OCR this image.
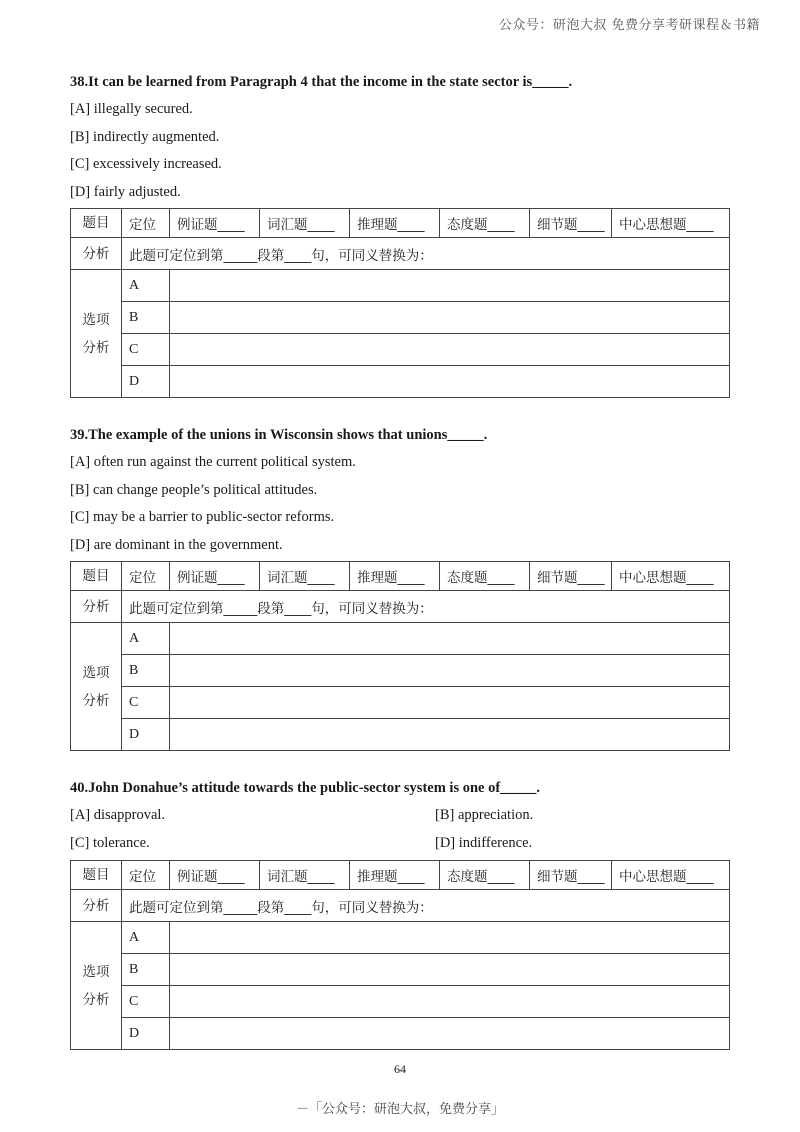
公众号：研泡大叔 免费分享考研课程＆书籍

38.It can be learned from Paragraph 4 that the income in the state sector is_____.

[A] illegally secured.
[B] indirectly augmented.
[C] excessively increased.
[D] fairly adjusted.
题目	定位	例证题____	词汇题____	推理题____	态度题____	细节题____	中心思想题____
分析	此题可定位到第_____段第____句，可同义替换为：						
选项
分析	A						
	B						
	C						
	D						

39.The example of the unions in Wisconsin shows that unions_____.

[A] often run against the current political system.
[B] can change people’s political attitudes.
[C] may be a barrier to public-sector reforms.
[D] are dominant in the government.
题目	定位	例证题____	词汇题____	推理题____	态度题____	细节题____	中心思想题____
分析	此题可定位到第_____段第____句，可同义替换为：						
选项
分析	A						
	B						
	C						
	D						

40.John Donahue’s attitude towards the public-sector system is one of_____.

[A] disapproval.	[B] appreciation.
[C] tolerance.	[D] indifference.
题目	定位	例证题____	词汇题____	推理题____	态度题____	细节题____	中心思想题____
分析	此题可定位到第_____段第____句，可同义替换为：						
选项
分析	A						
	B						
	C						
	D						
64
－「公众号：研泡大叔，免费分享」
